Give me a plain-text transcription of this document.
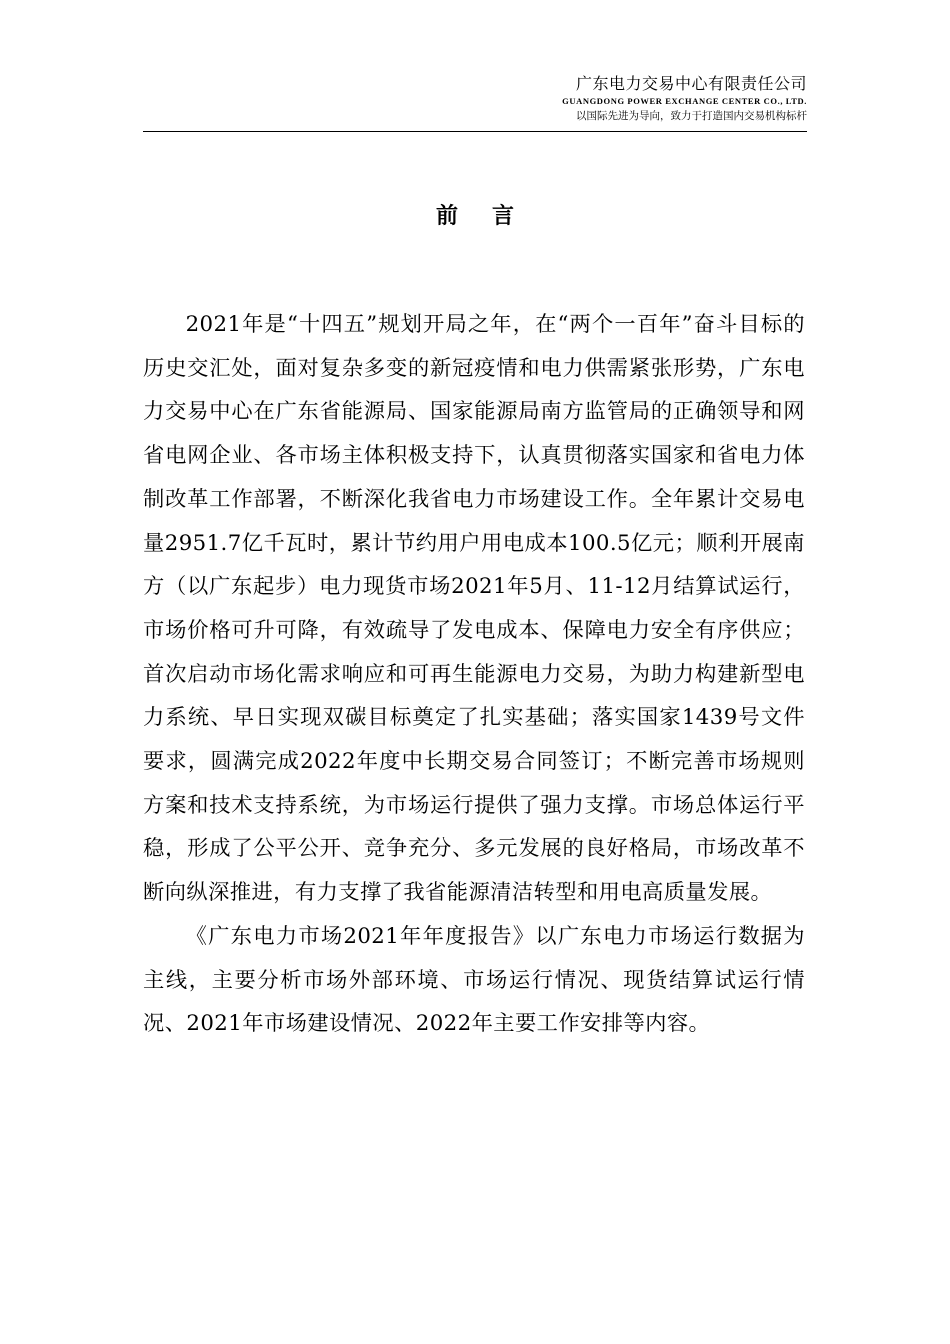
广东电力交易中心有限责任公司
GUANGDONG POWER EXCHANGE CENTER CO., LTD.
以国际先进为导向，致力于打造国内交易机构标杆
前言

2021年是“十四五”规划开局之年，在“两个一百年”奋斗目标的历史交汇处，面对复杂多变的新冠疫情和电力供需紧张形势，广东电力交易中心在广东省能源局、国家能源局南方监管局的正确领导和网省电网企业、各市场主体积极支持下，认真贯彻落实国家和省电力体制改革工作部署，不断深化我省电力市场建设工作。全年累计交易电量2951.7亿千瓦时，累计节约用户用电成本100.5亿元；顺利开展南方（以广东起步）电力现货市场2021年5月、11-12月结算试运行，市场价格可升可降，有效疏导了发电成本、保障电力安全有序供应；首次启动市场化需求响应和可再生能源电力交易，为助力构建新型电力系统、早日实现双碳目标奠定了扎实基础；落实国家1439号文件要求，圆满完成2022年度中长期交易合同签订；不断完善市场规则方案和技术支持系统，为市场运行提供了强力支撑。市场总体运行平稳，形成了公平公开、竞争充分、多元发展的良好格局，市场改革不断向纵深推进，有力支撑了我省能源清洁转型和用电高质量发展。

《广东电力市场2021年年度报告》以广东电力市场运行数据为主线，主要分析市场外部环境、市场运行情况、现货结算试运行情况、2021年市场建设情况、2022年主要工作安排等内容。
